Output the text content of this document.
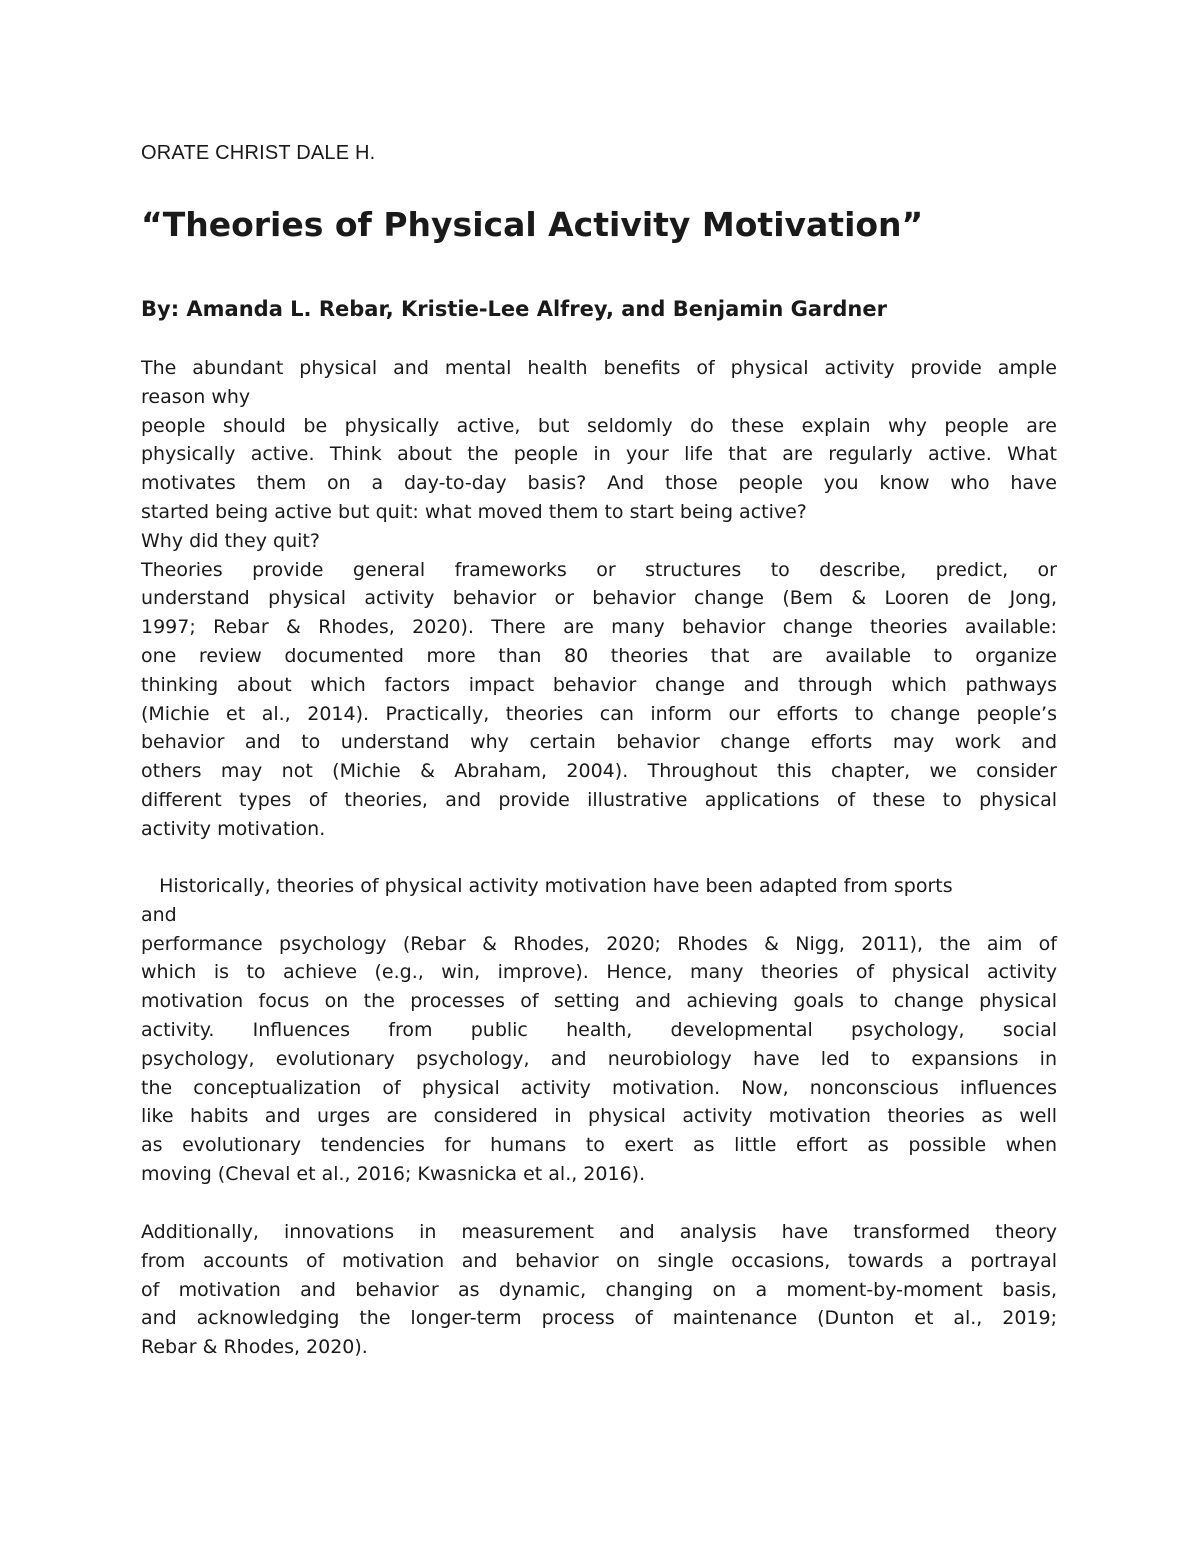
ORATE CHRIST DALE H.

“Theories of Physical Activity Motivation”
By: Amanda L. Rebar, Kristie-Lee Alfrey, and Benjamin Gardner
The abundant physical and mental health benefits of physical activity provide ample
reason why
people should be physically active, but seldomly do these explain why people are
physically active. Think about the people in your life that are regularly active. What
motivates them on a day-to-day basis? And those people you know who have
started being active but quit: what moved them to start being active?
Why did they quit?
Theories provide general frameworks or structures to describe, predict, or
understand physical activity behavior or behavior change (Bem & Looren de Jong,
1997; Rebar & Rhodes, 2020). There are many behavior change theories available:
one review documented more than 80 theories that are available to organize
thinking about which factors impact behavior change and through which pathways
(Michie et al., 2014). Practically, theories can inform our efforts to change people’s
behavior and to understand why certain behavior change efforts may work and
others may not (Michie & Abraham, 2004). Throughout this chapter, we consider
different types of theories, and provide illustrative applications of these to physical
activity motivation.
Historically, theories of physical activity motivation have been adapted from sports
and
performance psychology (Rebar & Rhodes, 2020; Rhodes & Nigg, 2011), the aim of
which is to achieve (e.g., win, improve). Hence, many theories of physical activity
motivation focus on the processes of setting and achieving goals to change physical
activity. Influences from public health, developmental psychology, social
psychology, evolutionary psychology, and neurobiology have led to expansions in
the conceptualization of physical activity motivation. Now, nonconscious influences
like habits and urges are considered in physical activity motivation theories as well
as evolutionary tendencies for humans to exert as little effort as possible when
moving (Cheval et al., 2016; Kwasnicka et al., 2016).
Additionally, innovations in measurement and analysis have transformed theory
from accounts of motivation and behavior on single occasions, towards a portrayal
of motivation and behavior as dynamic, changing on a moment-by-moment basis,
and acknowledging the longer-term process of maintenance (Dunton et al., 2019;
Rebar & Rhodes, 2020).
